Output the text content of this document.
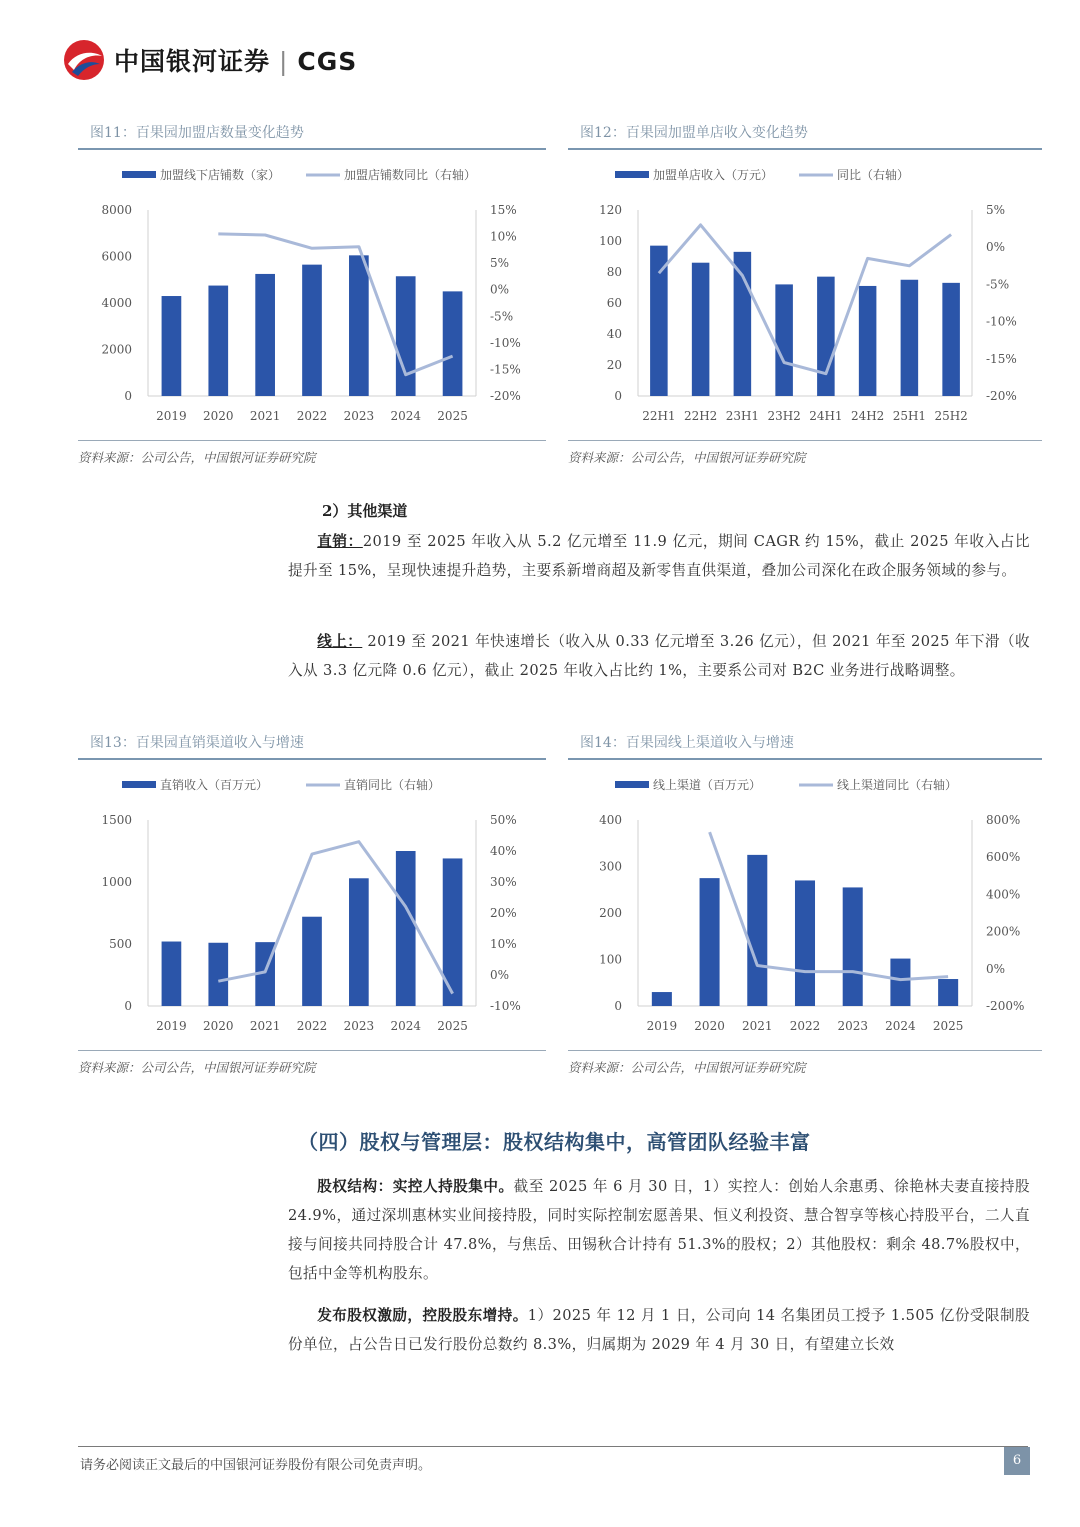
中国银河证券 | CGS
图11：百果园加盟店数量变化趋势
加盟线下店铺数（家）	加盟店铺数同比（右轴）
0
2000
4000
6000
8000
-20%
-15%
-10%
-5%
0%
5%
10%
15%
2019 2020 2021 2022 2023 2024 2025
资料来源：公司公告，中国银河证券研究院
图12：百果园加盟单店收入变化趋势
加盟单店收入（万元）	同比（右轴）
0
20
40
60
80
100
120
-20%
-15%
-10%
-5%
0%
5%
22H1 22H2 23H1 23H2 24H1 24H2 25H1 25H2
资料来源：公司公告，中国银河证券研究院
2）其他渠道

直销：2019 至 2025 年收入从 5.2 亿元增至 11.9 亿元，期间 CAGR 约 15%，截止 2025 年收入占比提升至 15%，呈现快速提升趋势，主要系新增商超及新零售直供渠道，叠加公司深化在政企服务领域的参与。

线上： 2019 至 2021 年快速增长（收入从 0.33 亿元增至 3.26 亿元），但 2021 年至 2025 年下滑（收入从 3.3 亿元降 0.6 亿元），截止 2025 年收入占比约 1%，主要系公司对 B2C 业务进行战略调整。

图13：百果园直销渠道收入与增速
直销收入（百万元）	直销同比（右轴）
0
500
1000
1500
-10%
0%
10%
20%
30%
40%
50%
2019 2020 2021 2022 2023 2024 2025
资料来源：公司公告，中国银河证券研究院
图14：百果园线上渠道收入与增速
线上渠道（百万元）	线上渠道同比（右轴）
0
100
200
300
400
-200%
0%
200%
400%
600%
800%
2019 2020 2021 2022 2023 2024 2025
资料来源：公司公告，中国银河证券研究院
（四）股权与管理层：股权结构集中，高管团队经验丰富

股权结构：实控人持股集中。截至 2025 年 6 月 30 日，1）实控人：创始人余惠勇、徐艳林夫妻直接持股 24.9%，通过深圳惠林实业间接持股，同时实际控制宏愿善果、恒义利投资、慧合智享等核心持股平台，二人直接与间接共同持股合计 47.8%，与焦岳、田锡秋合计持有 51.3%的股权；2）其他股权：剩余 48.7%股权中，包括中金等机构股东。

发布股权激励，控股股东增持。1）2025 年 12 月 1 日，公司向 14 名集团员工授予 1.505 亿份受限制股份单位，占公告日已发行股份总数约 8.3%，归属期为 2029 年 4 月 30 日，有望建立长效

请务必阅读正文最后的中国银河证券股份有限公司免责声明。	6
